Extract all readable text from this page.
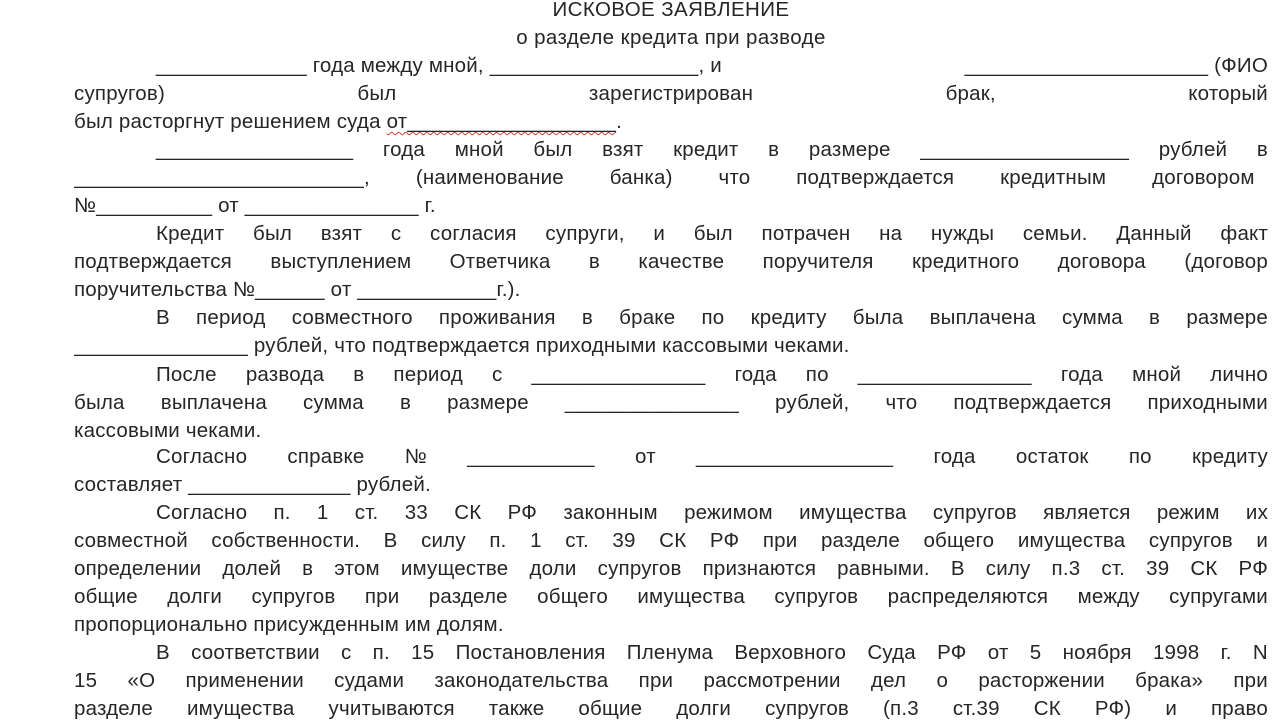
ИСКОВОЕ ЗАЯВЛЕНИЕ
о разделе кредита при разводе
_____________ года между мной, __________________, и	_____________________ (ФИО
супругов)	был	зарегистрирован	брак,	который
был расторгнут решением суда от__________________.
_________________ года мной был взят кредит в размере __________________ рублей в
_________________________, (наименование банка) что подтверждается кредитным договором
№__________ от _______________ г.
Кредит был взят с согласия супруги, и был потрачен на нужды семьи. Данный факт
подтверждается выступлением Ответчика в качестве поручителя кредитного договора (договор
поручительства №______ от ____________г.).
В период совместного проживания в браке по кредиту была выплачена сумма в размере
_______________ рублей, что подтверждается приходными кассовыми чеками.
После развода в период с _______________ года по _______________ года мной лично
была выплачена сумма в размере _______________ рублей, что подтверждается приходными
кассовыми чеками.
Согласно справке № ___________ от _________________ года остаток по кредиту
составляет ______________ рублей.
Согласно п. 1 ст. 33 СК РФ законным режимом имущества супругов является режим их
совместной собственности. В силу п. 1 ст. 39 СК РФ при разделе общего имущества супругов и
определении долей в этом имуществе доли супругов признаются равными. В силу п.3 ст. 39 СК РФ
общие долги супругов при разделе общего имущества супругов распределяются между супругами
пропорционально присужденным им долям.
В соответствии с п. 15 Постановления Пленума Верховного Суда РФ от 5 ноября 1998 г. N
15 «О применении судами законодательства при рассмотрении дел о расторжении брака» при
разделе имущества учитываются также общие долги супругов (п.3 ст.39 СК РФ) и право
